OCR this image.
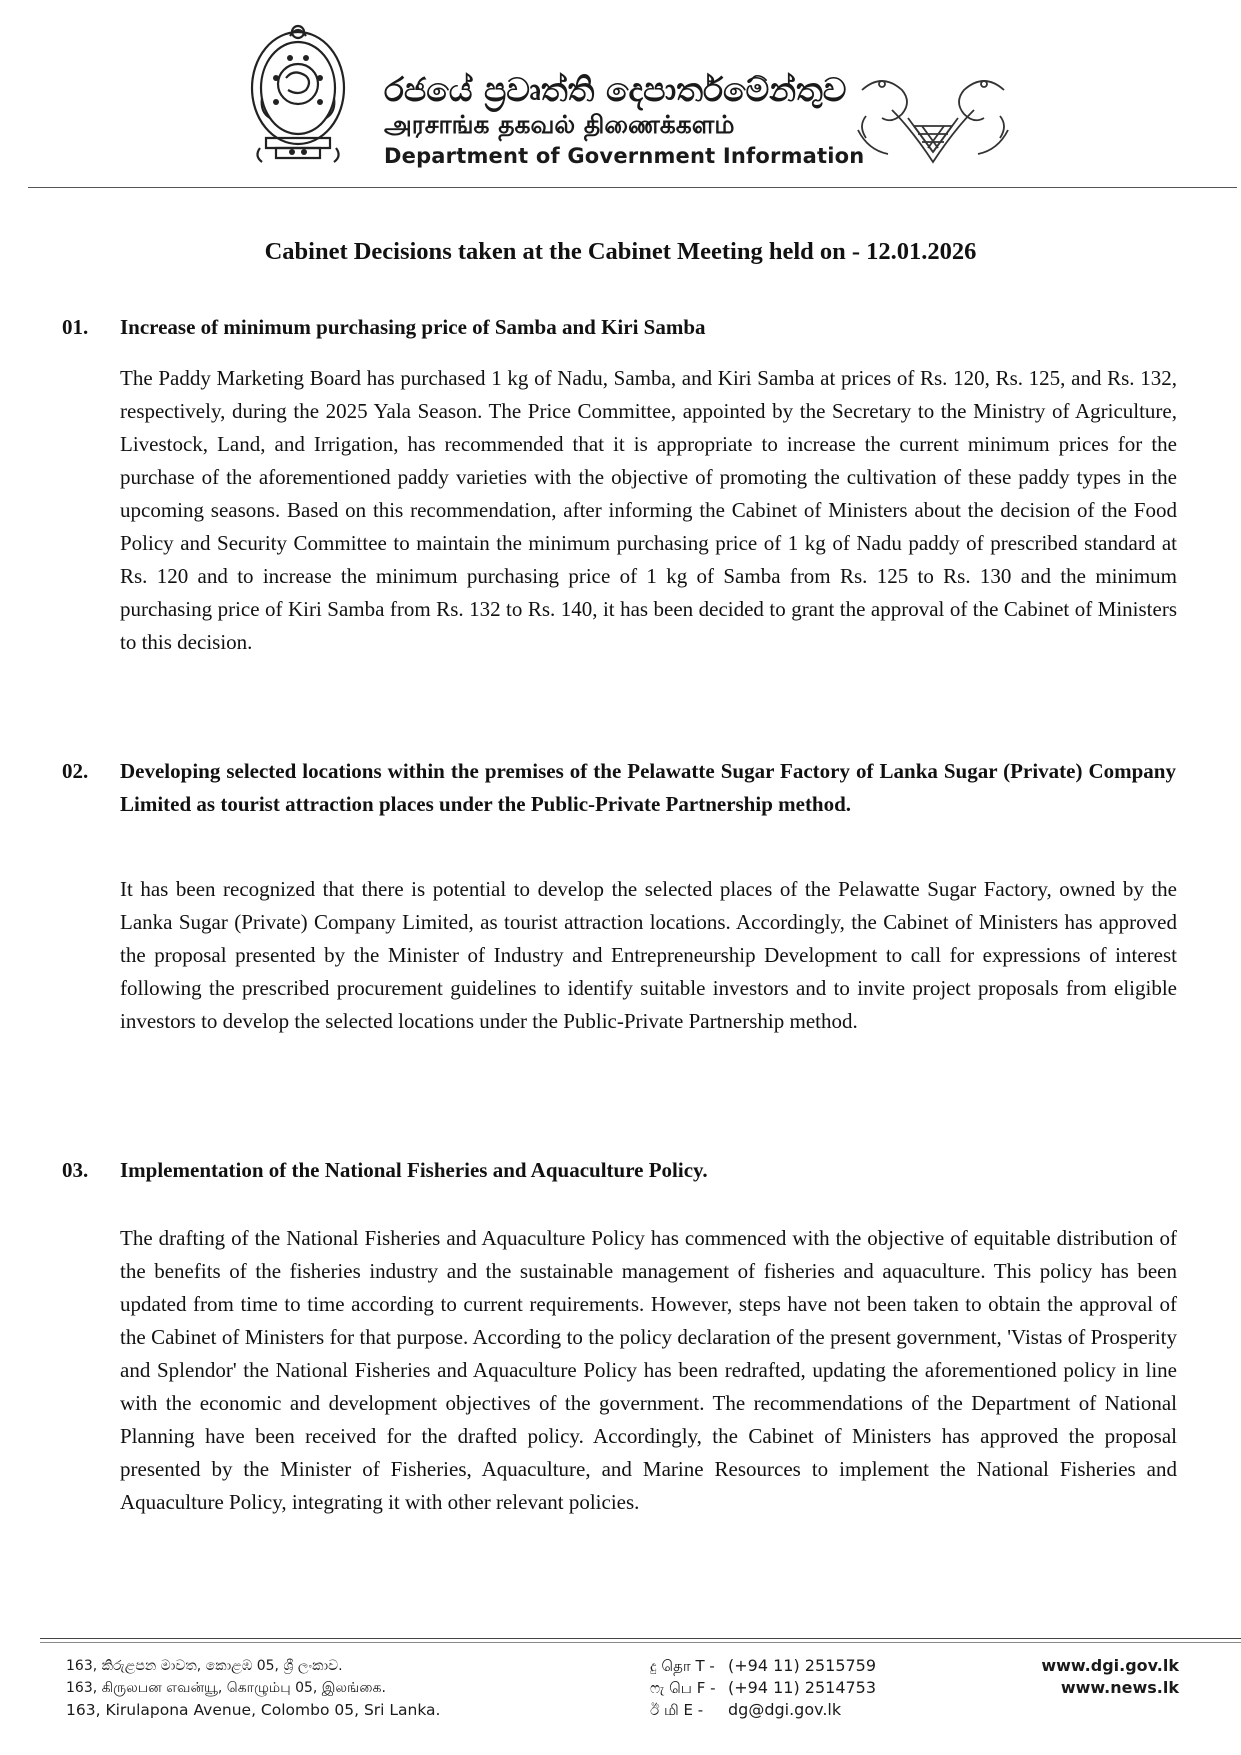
රජයේ ප්‍රවෘත්ති දෙපාර්තමේන්තුව
அரசாங்க தகவல் திணைக்களம்
Department of Government Information
Cabinet Decisions taken at the Cabinet Meeting held on - 12.01.2026
01. Increase of minimum purchasing price of Samba and Kiri Samba
The Paddy Marketing Board has purchased 1 kg of Nadu, Samba, and Kiri Samba at prices of Rs. 120, Rs. 125, and Rs. 132, respectively, during the 2025 Yala Season. The Price Committee, appointed by the Secretary to the Ministry of Agriculture, Livestock, Land, and Irrigation, has recommended that it is appropriate to increase the current minimum prices for the purchase of the aforementioned paddy varieties with the objective of promoting the cultivation of these paddy types in the upcoming seasons. Based on this recommendation, after informing the Cabinet of Ministers about the decision of the Food Policy and Security Committee to maintain the minimum purchasing price of 1 kg of Nadu paddy of prescribed standard at Rs. 120 and to increase the minimum purchasing price of 1 kg of Samba from Rs. 125 to Rs. 130 and the minimum purchasing price of Kiri Samba from Rs. 132 to Rs. 140, it has been decided to grant the approval of the Cabinet of Ministers to this decision.
02. Developing selected locations within the premises of the Pelawatte Sugar Factory of Lanka Sugar (Private) Company Limited as tourist attraction places under the Public-Private Partnership method.
It has been recognized that there is potential to develop the selected places of the Pelawatte Sugar Factory, owned by the Lanka Sugar (Private) Company Limited, as tourist attraction locations. Accordingly, the Cabinet of Ministers has approved the proposal presented by the Minister of Industry and Entrepreneurship Development to call for expressions of interest following the prescribed procurement guidelines to identify suitable investors and to invite project proposals from eligible investors to develop the selected locations under the Public-Private Partnership method.
03. Implementation of the National Fisheries and Aquaculture Policy.
The drafting of the National Fisheries and Aquaculture Policy has commenced with the objective of equitable distribution of the benefits of the fisheries industry and the sustainable management of fisheries and aquaculture. This policy has been updated from time to time according to current requirements. However, steps have not been taken to obtain the approval of the Cabinet of Ministers for that purpose. According to the policy declaration of the present government, 'Vistas of Prosperity and Splendor' the National Fisheries and Aquaculture Policy has been redrafted, updating the aforementioned policy in line with the economic and development objectives of the government. The recommendations of the Department of National Planning have been received for the drafted policy. Accordingly, the Cabinet of Ministers has approved the proposal presented by the Minister of Fisheries, Aquaculture, and Marine Resources to implement the National Fisheries and Aquaculture Policy, integrating it with other relevant policies.
163, කිරුළපන මාවත, කොළඹ 05, ශ්‍රී ලංකාව.
163, கிருலபன எவன்யூ, கொழும்பு 05, இலங்கை.
163, Kirulapona Avenue, Colombo 05, Sri Lanka.
දු தொ T - (+94 11) 2515759
ෆැ பெ F - (+94 11) 2514753
ඊ மி E - dg@dgi.gov.lk
www.dgi.gov.lk
www.news.lk
